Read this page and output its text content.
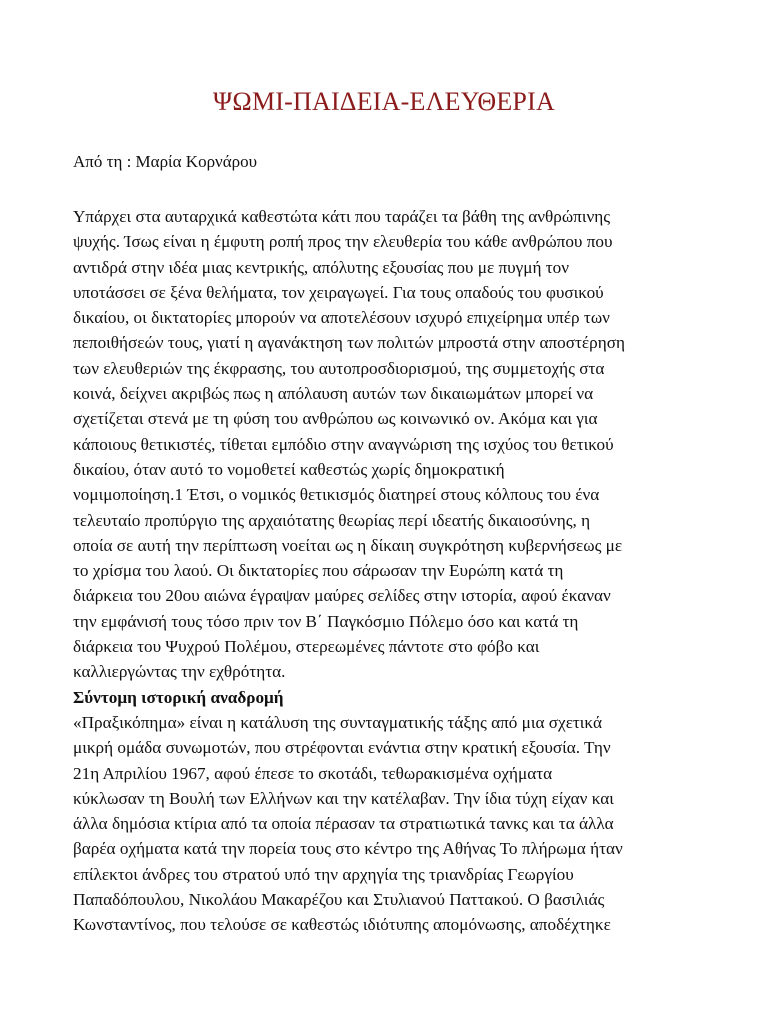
ΨΩΜΙ-ΠΑΙΔΕΙΑ-ΕΛΕΥΘΕΡΙΑ

Από τη : Μαρία Κορνάρου

Υπάρχει στα αυταρχικά καθεστώτα κάτι που ταράζει τα βάθη της ανθρώπινης
ψυχής. Ίσως είναι η έμφυτη ροπή προς την ελευθερία του κάθε ανθρώπου που
αντιδρά στην ιδέα μιας κεντρικής, απόλυτης εξουσίας που με πυγμή τον
υποτάσσει σε ξένα θελήματα, τον χειραγωγεί. Για τους οπαδούς του φυσικού
δικαίου, οι δικτατορίες μπορούν να αποτελέσουν ισχυρό επιχείρημα υπέρ των
πεποιθήσεών τους, γιατί η αγανάκτηση των πολιτών μπροστά στην αποστέρηση
των ελευθεριών της έκφρασης, του αυτοπροσδιορισμού, της συμμετοχής στα
κοινά, δείχνει ακριβώς πως η απόλαυση αυτών των δικαιωμάτων μπορεί να
σχετίζεται στενά με τη φύση του ανθρώπου ως κοινωνικό ον. Ακόμα και για
κάποιους θετικιστές, τίθεται εμπόδιο στην αναγνώριση της ισχύος του θετικού
δικαίου, όταν αυτό το νομοθετεί καθεστώς χωρίς δημοκρατική
νομιμοποίηση.1 Έτσι, ο νομικός θετικισμός διατηρεί στους κόλπους του ένα
τελευταίο προπύργιο της αρχαιότατης θεωρίας περί ιδεατής δικαιοσύνης, η
οποία σε αυτή την περίπτωση νοείται ως η δίκαιη συγκρότηση κυβερνήσεως με
το χρίσμα του λαού. Οι δικτατορίες που σάρωσαν την Ευρώπη κατά τη
διάρκεια του 20ου αιώνα έγραψαν μαύρες σελίδες στην ιστορία, αφού έκαναν
την εμφάνισή τους τόσο πριν τον Β΄ Παγκόσμιο Πόλεμο όσο και κατά τη
διάρκεια του Ψυχρού Πολέμου, στερεωμένες πάντοτε στο φόβο και
καλλιεργώντας την εχθρότητα.
Σύντομη ιστορική αναδρομή
«Πραξικόπημα» είναι η κατάλυση της συνταγματικής τάξης από μια σχετικά
μικρή ομάδα συνωμοτών, που στρέφονται ενάντια στην κρατική εξουσία. Την
21η Απριλίου 1967, αφού έπεσε το σκοτάδι, τεθωρακισμένα οχήματα
κύκλωσαν τη Βουλή των Ελλήνων και την κατέλαβαν. Την ίδια τύχη είχαν και
άλλα δημόσια κτίρια από τα οποία πέρασαν τα στρατιωτικά τανκς και τα άλλα
βαρέα οχήματα κατά την πορεία τους στο κέντρο της Αθήνας Το πλήρωμα ήταν
επίλεκτοι άνδρες του στρατού υπό την αρχηγία της τριανδρίας Γεωργίου
Παπαδόπουλου, Νικολάου Μακαρέζου και Στυλιανού Παττακού. Ο βασιλιάς
Κωνσταντίνος, που τελούσε σε καθεστώς ιδιότυπης απομόνωσης, αποδέχτηκε
